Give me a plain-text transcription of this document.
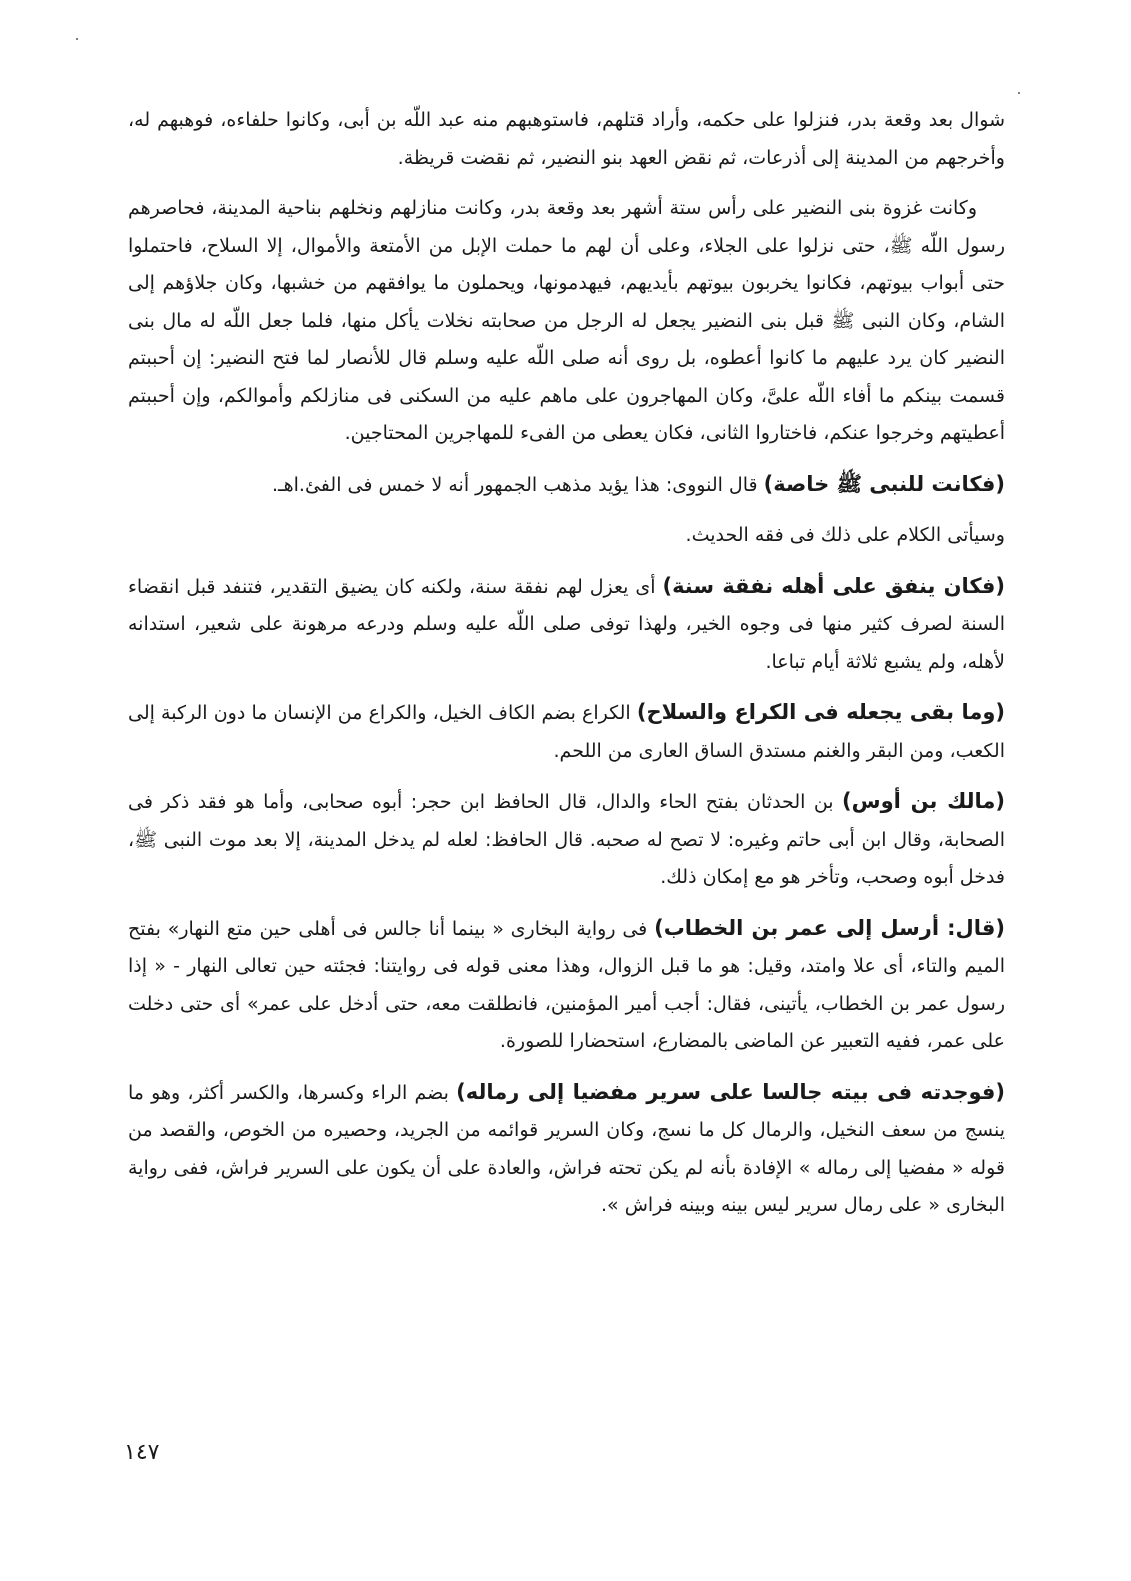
شوال بعد وقعة بدر، فنزلوا على حكمه، وأراد قتلهم، فاستوهبهم منه عبد اللّه بن أبى، وكانوا حلفاءه، فوهبهم له، وأخرجهم من المدينة إلى أذرعات، ثم نقض العهد بنو النضير، ثم نقضت قريظة.

وكانت غزوة بنى النضير على رأس ستة أشهر بعد وقعة بدر، وكانت منازلهم ونخلهم بناحية المدينة، فحاصرهم رسول اللّه ﷺ، حتى نزلوا على الجلاء، وعلى أن لهم ما حملت الإبل من الأمتعة والأموال، إلا السلاح، فاحتملوا حتى أبواب بيوتهم، فكانوا يخربون بيوتهم بأيديهم، فيهدمونها، ويحملون ما يوافقهم من خشبها، وكان جلاؤهم إلى الشام، وكان النبى ﷺ قبل بنى النضير يجعل له الرجل من صحابته نخلات يأكل منها، فلما جعل اللّه له مال بنى النضير كان يرد عليهم ما كانوا أعطوه، بل روى أنه صلى اللّه عليه وسلم قال للأنصار لما فتح النضير: إن أحببتم قسمت بينكم ما أفاء اللّه علىَّ، وكان المهاجرون على ماهم عليه من السكنى فى منازلكم وأموالكم، وإن أحببتم أعطيتهم وخرجوا عنكم، فاختاروا الثانى، فكان يعطى من الفىء للمهاجرين المحتاجين.

(فكانت للنبى ﷺ خاصة) قال النووى: هذا يؤيد مذهب الجمهور أنه لا خمس فى الفئ.اهـ.

وسيأتى الكلام على ذلك فى فقه الحديث.

(فكان ينفق على أهله نفقة سنة) أى يعزل لهم نفقة سنة، ولكنه كان يضيق التقدير، فتنفد قبل انقضاء السنة لصرف كثير منها فى وجوه الخير، ولهذا توفى صلى اللّه عليه وسلم ودرعه مرهونة على شعير، استدانه لأهله، ولم يشبع ثلاثة أيام تباعا.

(وما بقى يجعله فى الكراع والسلاح) الكراع بضم الكاف الخيل، والكراع من الإنسان ما دون الركبة إلى الكعب، ومن البقر والغنم مستدق الساق العارى من اللحم.

(مالك بن أوس) بن الحدثان بفتح الحاء والدال، قال الحافظ ابن حجر: أبوه صحابى، وأما هو فقد ذكر فى الصحابة، وقال ابن أبى حاتم وغيره: لا تصح له صحبه. قال الحافظ: لعله لم يدخل المدينة، إلا بعد موت النبى ﷺ، فدخل أبوه وصحب، وتأخر هو مع إمكان ذلك.

(قال: أرسل إلى عمر بن الخطاب) فى رواية البخارى « بينما أنا جالس فى أهلى حين متع النهار» بفتح الميم والتاء، أى علا وامتد، وقيل: هو ما قبل الزوال، وهذا معنى قوله فى روايتنا: فجئته حين تعالى النهار - « إذا رسول عمر بن الخطاب، يأتينى، فقال: أجب أمير المؤمنين، فانطلقت معه، حتى أدخل على عمر» أى حتى دخلت على عمر، ففيه التعبير عن الماضى بالمضارع، استحضارا للصورة.

(فوجدته فى بيته جالسا على سرير مفضيا إلى رماله) بضم الراء وكسرها، والكسر أكثر، وهو ما ينسج من سعف النخيل، والرمال كل ما نسج، وكان السرير قوائمه من الجريد، وحصيره من الخوص، والقصد من قوله « مفضيا إلى رماله » الإفادة بأنه لم يكن تحته فراش، والعادة على أن يكون على السرير فراش، ففى رواية البخارى « على رمال سرير ليس بينه وبينه فراش ».

١٤٧
